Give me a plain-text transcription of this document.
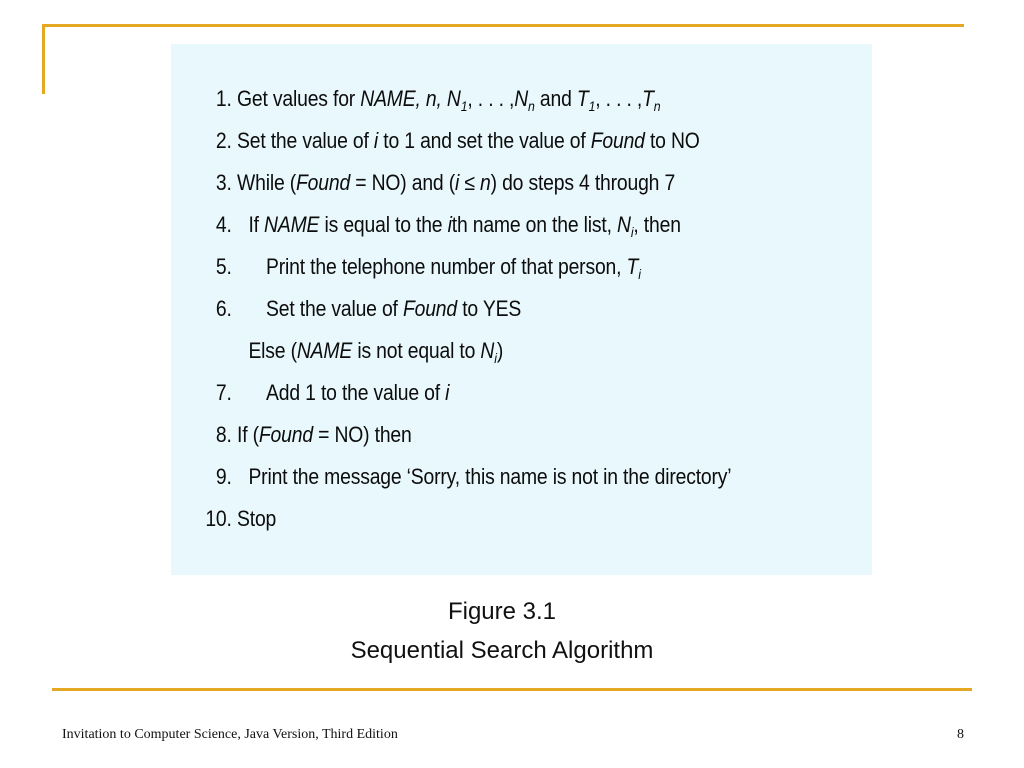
1. Get values for NAME, n, $N_1$, . . . $,N_n$ and $T_1$, . . . $,T_n$
2. Set the value of i to 1 and set the value of Found to NO
3. While (Found = NO) and (i ≤ n) do steps 4 through 7
4. If NAME is equal to the ith name on the list, $N_i$, then
5. Print the telephone number of that person, $T_i$
6. Set the value of Found to YES
Else (NAME is not equal to $N_i$)
7. Add 1 to the value of i
8. If (Found = NO) then
9. Print the message ‘Sorry, this name is not in the directory’
10. Stop
Figure 3.1
Sequential Search Algorithm
Invitation to Computer Science, Java Version, Third Edition	8
